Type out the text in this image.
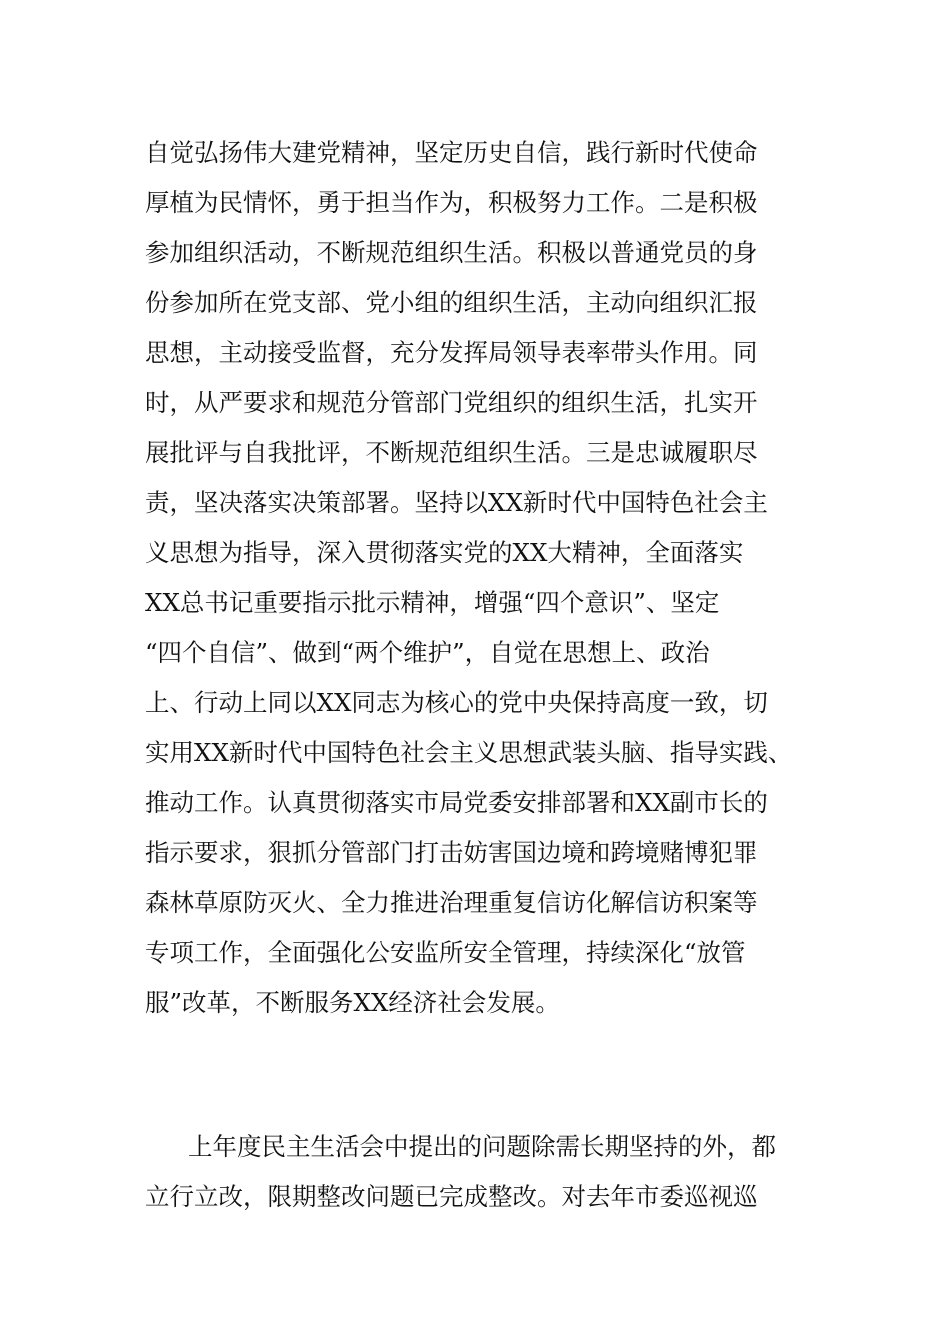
自觉弘扬伟大建党精神，坚定历史自信，践行新时代使命

厚植为民情怀，勇于担当作为，积极努力工作。二是积极

参加组织活动，不断规范组织生活。积极以普通党员的身

份参加所在党支部、党小组的组织生活，主动向组织汇报

思想，主动接受监督，充分发挥局领导表率带头作用。同

时，从严要求和规范分管部门党组织的组织生活，扎实开

展批评与自我批评，不断规范组织生活。三是忠诚履职尽

责，坚决落实决策部署。坚持以XX新时代中国特色社会主

义思想为指导，深入贯彻落实党的XX大精神，全面落实

XX总书记重要指示批示精神，增强“四个意识”、坚定

“四个自信”、做到“两个维护”，自觉在思想上、政治

上、行动上同以XX同志为核心的党中央保持高度一致，切

实用XX新时代中国特色社会主义思想武装头脑、指导实践、

推动工作。认真贯彻落实市局党委安排部署和XX副市长的

指示要求，狠抓分管部门打击妨害国边境和跨境赌博犯罪

森林草原防灭火、全力推进治理重复信访化解信访积案等

专项工作，全面强化公安监所安全管理，持续深化“放管

服”改革，不断服务XX经济社会发展。

上年度民主生活会中提出的问题除需长期坚持的外，都

立行立改，限期整改问题已完成整改。对去年市委巡视巡
